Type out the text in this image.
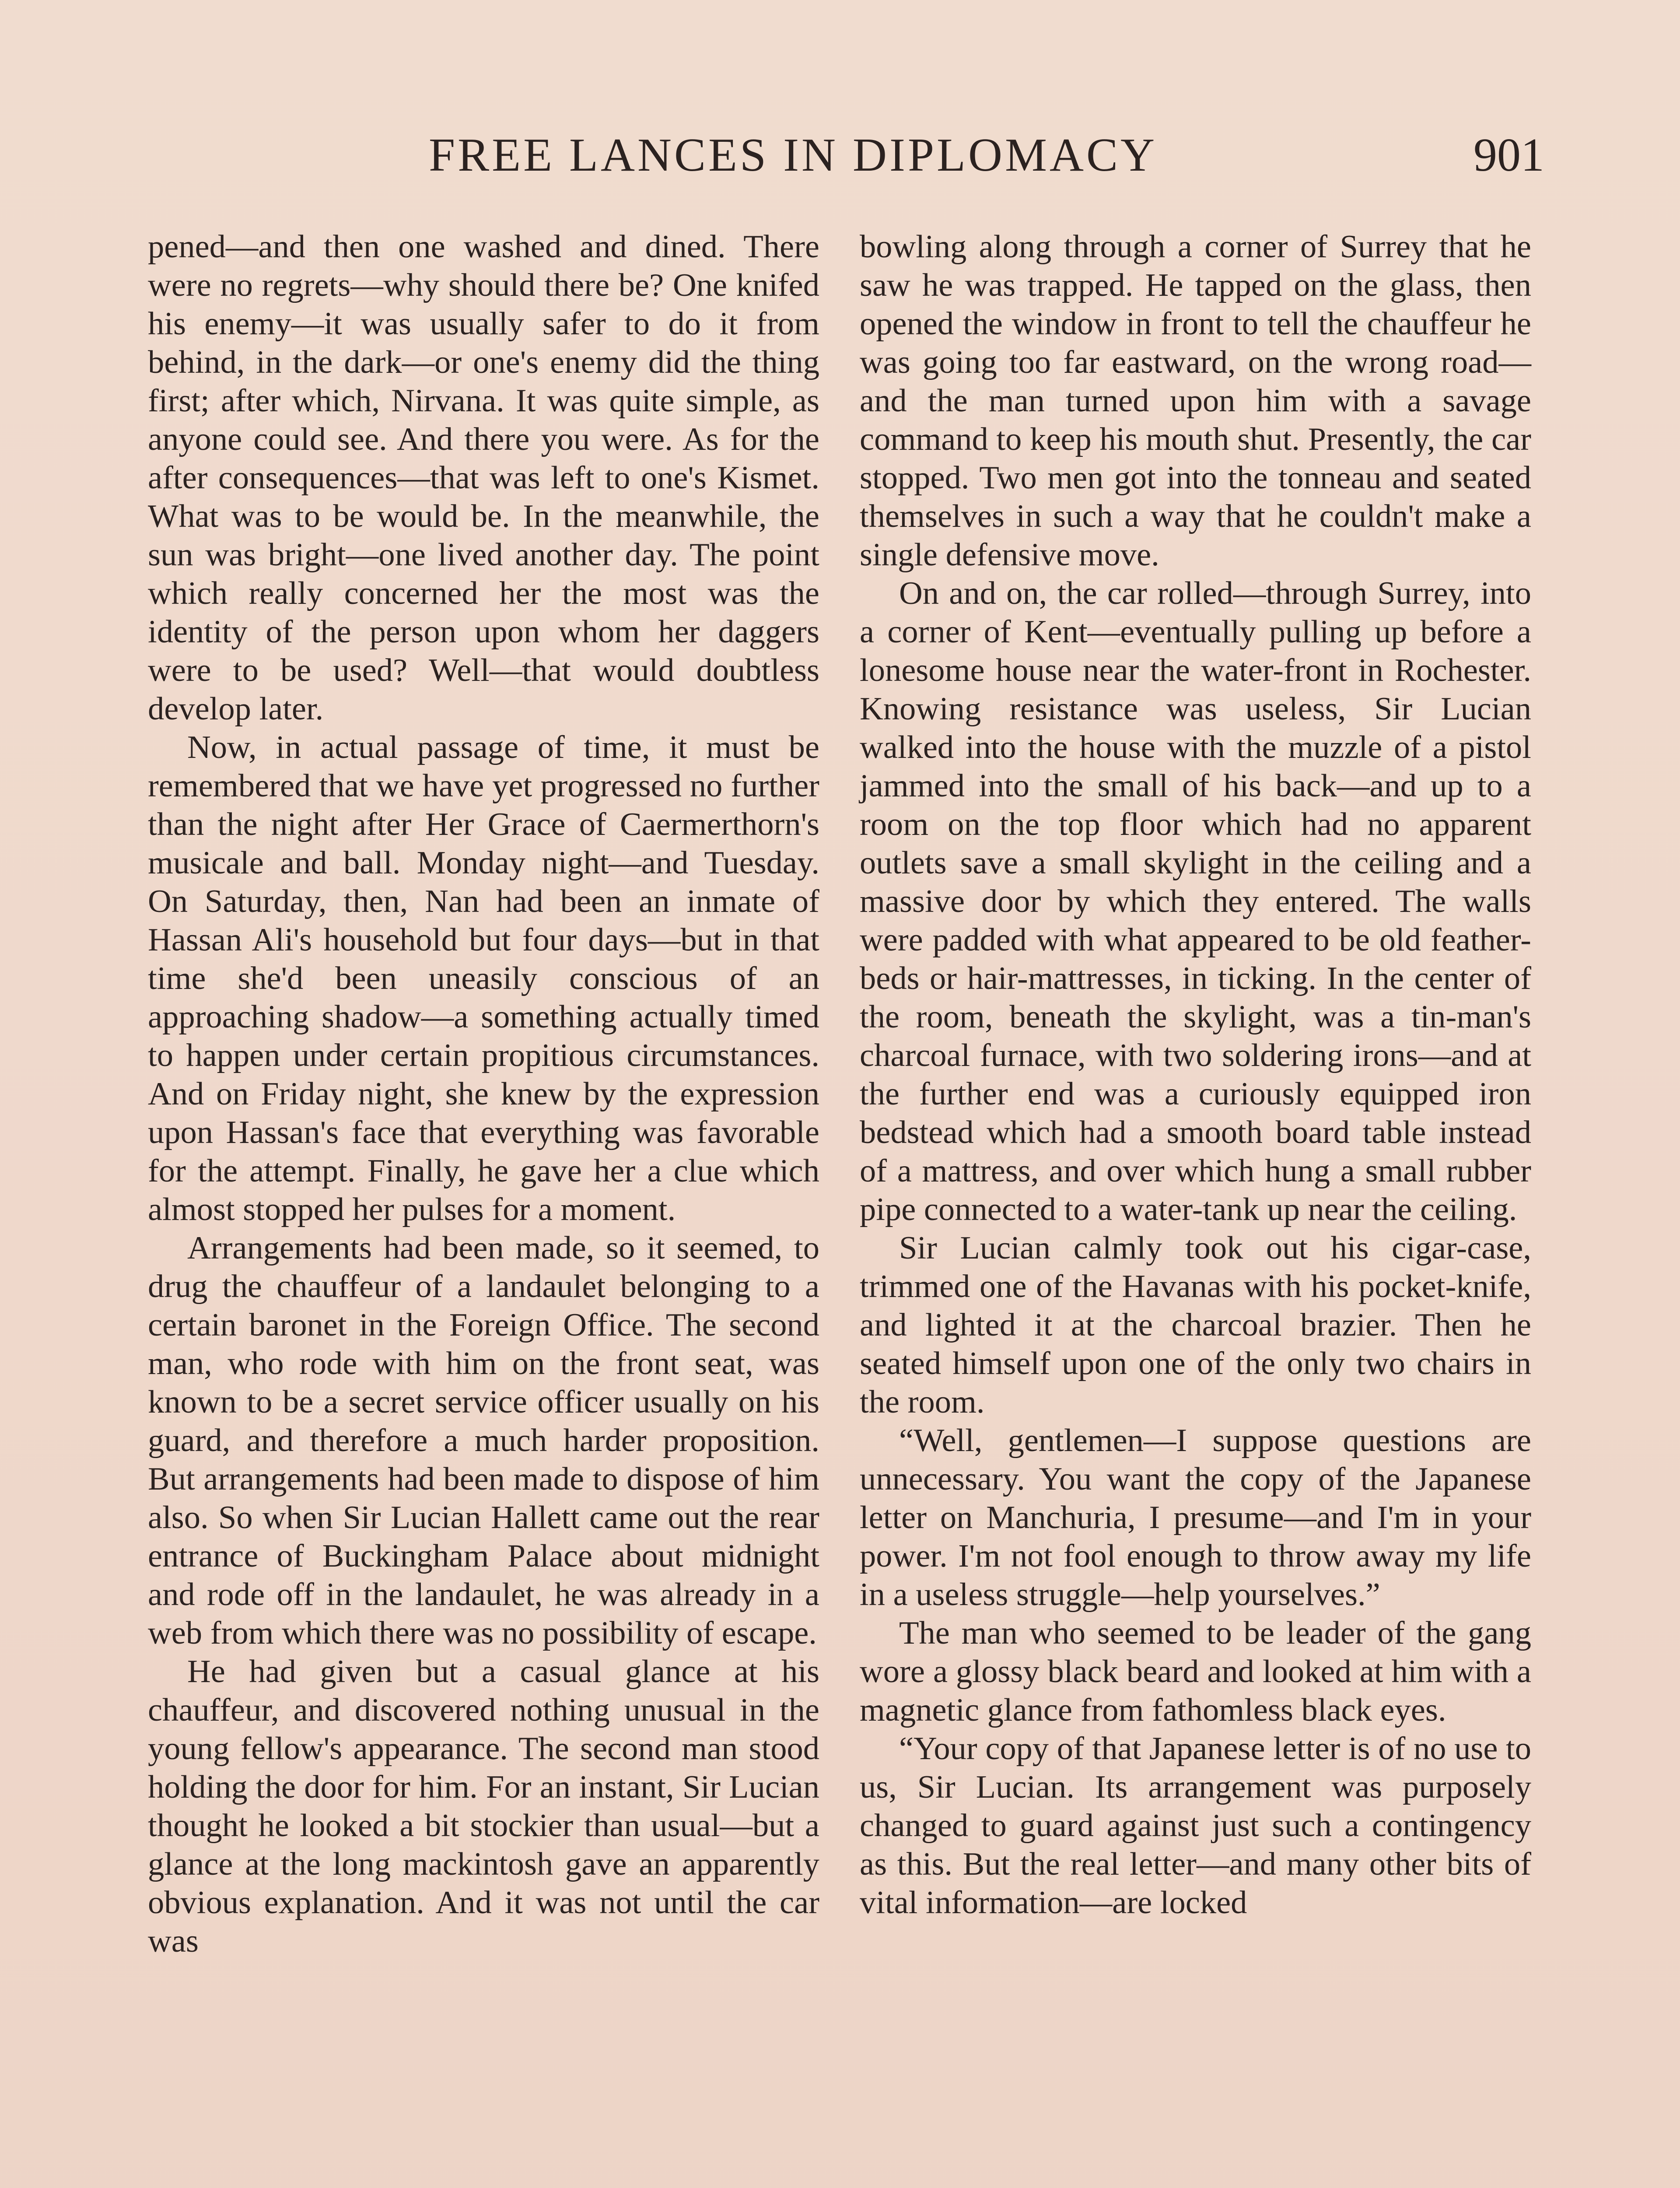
FREE LANCES IN DIPLOMACY	901

pened—and then one washed and dined. There were no regrets—why should there be? One knifed his enemy—it was usually safer to do it from behind, in the dark—or one's enemy did the thing first; after which, Nirvana. It was quite simple, as anyone could see. And there you were. As for the after consequences—that was left to one's Kismet. What was to be would be. In the meanwhile, the sun was bright—one lived another day. The point which really concerned her the most was the identity of the person upon whom her daggers were to be used? Well—that would doubtless develop later.

Now, in actual passage of time, it must be remembered that we have yet progressed no further than the night after Her Grace of Caermerthorn's musicale and ball. Monday night—and Tuesday. On Saturday, then, Nan had been an inmate of Hassan Ali's household but four days—but in that time she'd been uneasily conscious of an approaching shadow—a something actually timed to happen under certain propitious circumstances. And on Friday night, she knew by the expression upon Hassan's face that everything was favorable for the attempt. Finally, he gave her a clue which almost stopped her pulses for a moment.

Arrangements had been made, so it seemed, to drug the chauffeur of a landaulet belonging to a certain baronet in the Foreign Office. The second man, who rode with him on the front seat, was known to be a secret service officer usually on his guard, and therefore a much harder proposition. But arrangements had been made to dispose of him also. So when Sir Lucian Hallett came out the rear entrance of Buckingham Palace about midnight and rode off in the landaulet, he was already in a web from which there was no possibility of escape.

He had given but a casual glance at his chauffeur, and discovered nothing unusual in the young fellow's appearance. The second man stood holding the door for him. For an instant, Sir Lucian thought he looked a bit stockier than usual—but a glance at the long mackintosh gave an apparently obvious explanation. And it was not until the car was

bowling along through a corner of Surrey that he saw he was trapped. He tapped on the glass, then opened the window in front to tell the chauffeur he was going too far eastward, on the wrong road—and the man turned upon him with a savage command to keep his mouth shut. Presently, the car stopped. Two men got into the tonneau and seated themselves in such a way that he couldn't make a single defensive move.

On and on, the car rolled—through Surrey, into a corner of Kent—eventually pulling up before a lonesome house near the water-front in Rochester. Knowing resistance was useless, Sir Lucian walked into the house with the muzzle of a pistol jammed into the small of his back—and up to a room on the top floor which had no apparent outlets save a small skylight in the ceiling and a massive door by which they entered. The walls were padded with what appeared to be old feather-beds or hair-mattresses, in ticking. In the center of the room, beneath the skylight, was a tin-man's charcoal furnace, with two soldering irons—and at the further end was a curiously equipped iron bedstead which had a smooth board table instead of a mattress, and over which hung a small rubber pipe connected to a water-tank up near the ceiling.

Sir Lucian calmly took out his cigar-case, trimmed one of the Havanas with his pocket-knife, and lighted it at the charcoal brazier. Then he seated himself upon one of the only two chairs in the room.

“Well, gentlemen—I suppose questions are unnecessary. You want the copy of the Japanese letter on Manchuria, I presume—and I'm in your power. I'm not fool enough to throw away my life in a useless struggle—help yourselves.”

The man who seemed to be leader of the gang wore a glossy black beard and looked at him with a magnetic glance from fathomless black eyes.

“Your copy of that Japanese letter is of no use to us, Sir Lucian. Its arrangement was purposely changed to guard against just such a contingency as this. But the real letter—and many other bits of vital information—are locked
